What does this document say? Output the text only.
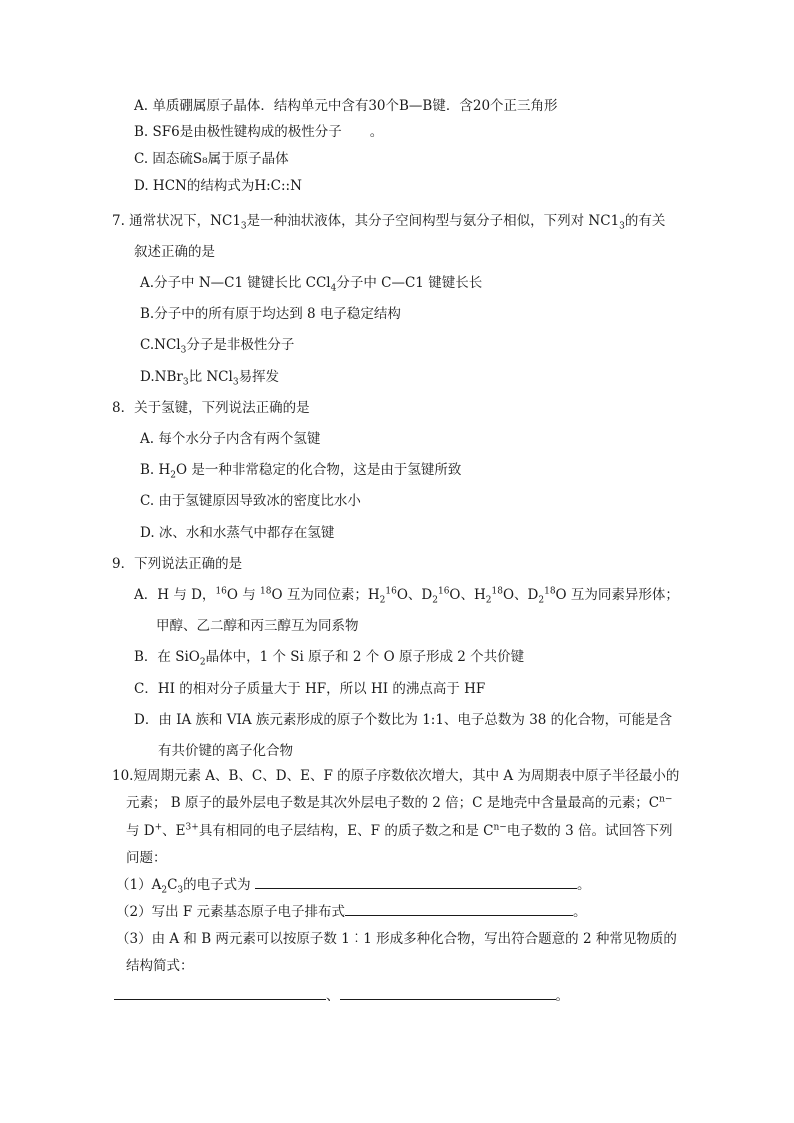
A. 单质硼属原子晶体．结构单元中含有30个B—B键．含20个正三角形
B. SF6是由极性键构成的极性分子 。
C. 固态硫S₈属于原子晶体
D. HCN的结构式为H:C::N
7. 通常状况下，$NC1_3$是一种油状液体，其分子空间构型与氨分子相似，下列对 $NC1_3$的有关
叙述正确的是
A.分子中 N—C1 键键长比 CCl$_4$分子中 C—C1 键键长长
B.分子中的所有原于均达到 8 电子稳定结构
C.NCl$_3$分子是非极性分子
D.NBr$_3$比 NCl$_3$易挥发
8．关于氢键，下列说法正确的是
A. 每个水分子内含有两个氢键
B. $H_2O$ 是一种非常稳定的化合物，这是由于氢键所致
C. 由于氢键原因导致冰的密度比水小
D. 冰、水和水蒸气中都存在氢键
9．下列说法正确的是
A．H 与 D，$^{16}$O 与 $^{18}$O 互为同位素；$H_2^{16}O$、$D_2^{16}O$、$H_2^{18}O$、$D_2^{18}O$ 互为同素异形体；
甲醇、乙二醇和丙三醇互为同系物
B．在 SiO$_2$晶体中，1 个 Si 原子和 2 个 O 原子形成 2 个共价键
C．HI 的相对分子质量大于 HF，所以 HI 的沸点高于 HF
D．由 IA 族和 VIA 族元素形成的原子个数比为 1:1、电子总数为 38 的化合物，可能是含
有共价键的离子化合物
10.短周期元素 A、B、C、D、E、F 的原子序数依次增大，其中 A 为周期表中原子半径最小的
元素； B 原子的最外层电子数是其次外层电子数的 2 倍；C 是地壳中含量最高的元素；$C^{n-}$
与 D+、$E^{3+}$具有相同的电子层结构，E、F 的质子数之和是 $C^{n-}$电子数的 3 倍。试回答下列
问题：
$(1)A_2C_3$的电子式为	。
（2）写出 F 元素基态原子电子排布式	。
（3）由 A 和 B 两元素可以按原子数 1︰1 形成多种化合物，写出符合题意的 2 种常见物质的
结构简式：
、	。
